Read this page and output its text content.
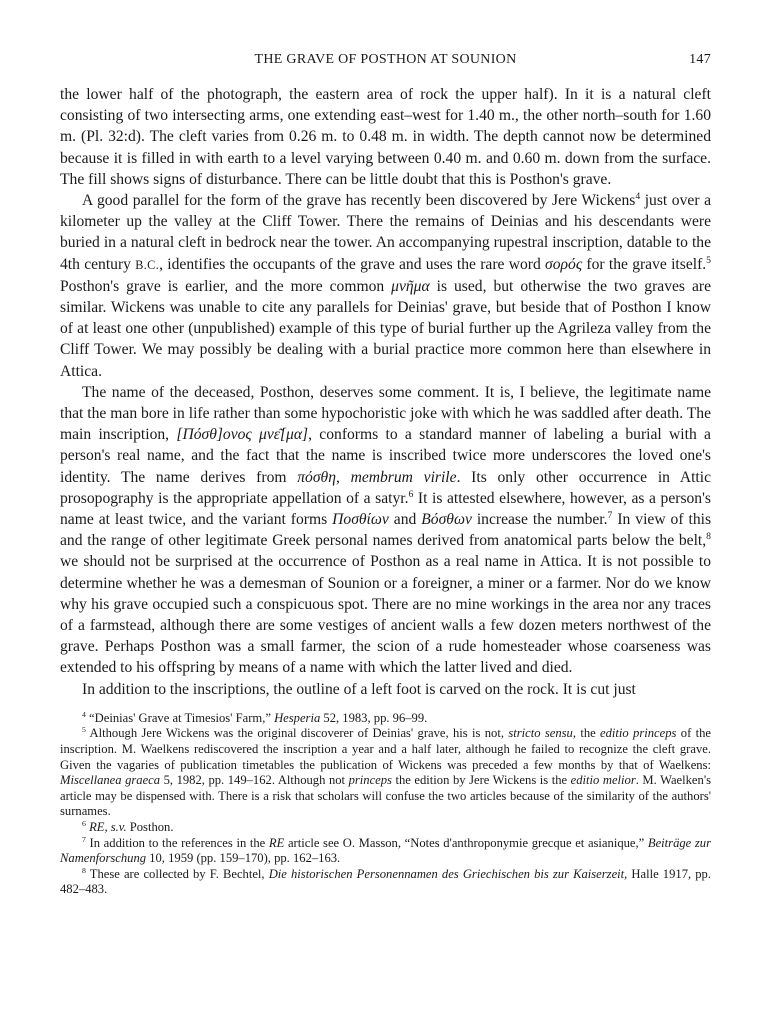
THE GRAVE OF POSTHON AT SOUNION	147

the lower half of the photograph, the eastern area of rock the upper half). In it is a natural cleft consisting of two intersecting arms, one extending east–west for 1.40 m., the other north–south for 1.60 m. (Pl. 32:d). The cleft varies from 0.26 m. to 0.48 m. in width. The depth cannot now be determined because it is filled in with earth to a level varying between 0.40 m. and 0.60 m. down from the surface. The fill shows signs of disturbance. There can be little doubt that this is Posthon's grave.

A good parallel for the form of the grave has recently been discovered by Jere Wickens$^4$ just over a kilometer up the valley at the Cliff Tower. There the remains of Deinias and his descendants were buried in a natural cleft in bedrock near the tower. An accompanying rupestral inscription, datable to the 4th century B.C., identifies the occupants of the grave and uses the rare word σορός for the grave itself.$^5$ Posthon's grave is earlier, and the more common μνῆμα is used, but otherwise the two graves are similar. Wickens was unable to cite any parallels for Deinias' grave, but beside that of Posthon I know of at least one other (unpublished) example of this type of burial further up the Agrileza valley from the Cliff Tower. We may possibly be dealing with a burial practice more common here than elsewhere in Attica.

The name of the deceased, Posthon, deserves some comment. It is, I believe, the legitimate name that the man bore in life rather than some hypochoristic joke with which he was saddled after death. The main inscription, [Πόσθ]ονος μνε͂[μα], conforms to a standard manner of labeling a burial with a person's real name, and the fact that the name is inscribed twice more underscores the loved one's identity. The name derives from πόσθη, membrum virile. Its only other occurrence in Attic prosopography is the appropriate appellation of a satyr.$^6$ It is attested elsewhere, however, as a person's name at least twice, and the variant forms Ποσθίων and Βόσθων increase the number.$^7$ In view of this and the range of other legitimate Greek personal names derived from anatomical parts below the belt,$^8$ we should not be surprised at the occurrence of Posthon as a real name in Attica. It is not possible to determine whether he was a demesman of Sounion or a foreigner, a miner or a farmer. Nor do we know why his grave occupied such a conspicuous spot. There are no mine workings in the area nor any traces of a farmstead, although there are some vestiges of ancient walls a few dozen meters northwest of the grave. Perhaps Posthon was a small farmer, the scion of a rude homesteader whose coarseness was extended to his offspring by means of a name with which the latter lived and died.

In addition to the inscriptions, the outline of a left foot is carved on the rock. It is cut just

$^4$ “Deinias' Grave at Timesios' Farm,” Hesperia 52, 1983, pp. 96–99.

$^5$ Although Jere Wickens was the original discoverer of Deinias' grave, his is not, stricto sensu, the editio princeps of the inscription. M. Waelkens rediscovered the inscription a year and a half later, although he failed to recognize the cleft grave. Given the vagaries of publication timetables the publication of Wickens was preceded a few months by that of Waelkens: Miscellanea graeca 5, 1982, pp. 149–162. Although not princeps the edition by Jere Wickens is the editio melior. M. Waelken's article may be dispensed with. There is a risk that scholars will confuse the two articles because of the similarity of the authors' surnames.

$^6$ RE, s.v. Posthon.

$^7$ In addition to the references in the RE article see O. Masson, “Notes d'anthroponymie grecque et asianique,” Beiträge zur Namenforschung 10, 1959 (pp. 159–170), pp. 162–163.

$^8$ These are collected by F. Bechtel, Die historischen Personennamen des Griechischen bis zur Kaiserzeit, Halle 1917, pp. 482–483.
